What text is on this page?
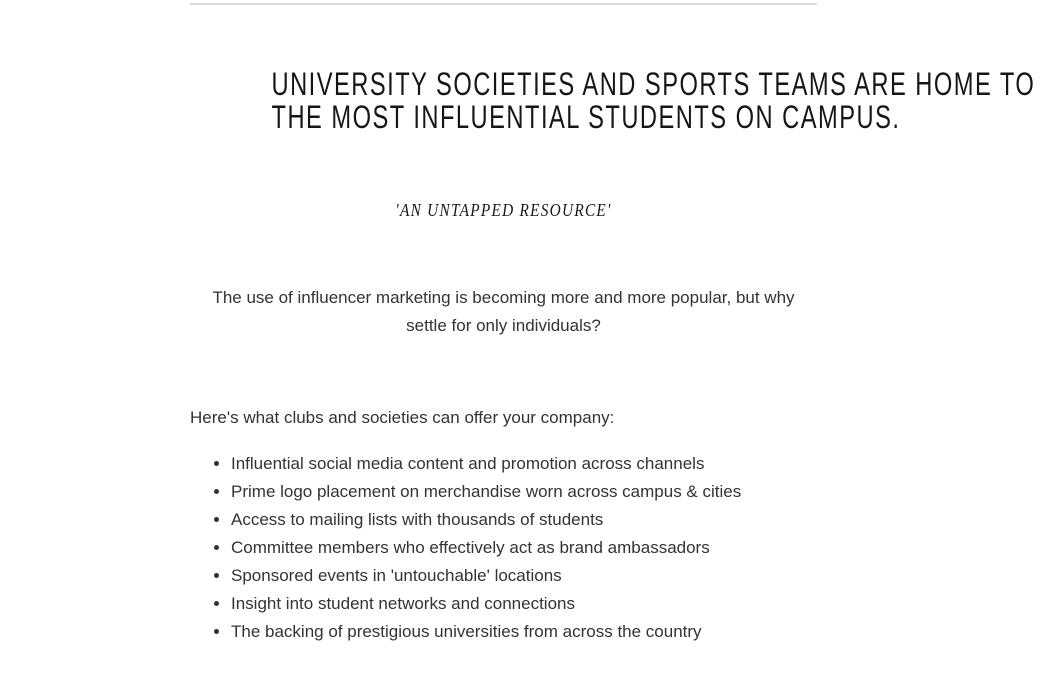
UNIVERSITY SOCIETIES AND SPORTS TEAMS ARE HOME TO
THE MOST INFLUENTIAL STUDENTS ON CAMPUS.
'AN UNTAPPED RESOURCE'

The use of influencer marketing is becoming more and more popular, but why
settle for only individuals?

Here's what clubs and societies can offer your company:

• Influential social media content and promotion across channels
• Prime logo placement on merchandise worn across campus & cities
• Access to mailing lists with thousands of students
• Committee members who effectively act as brand ambassadors
• Sponsored events in 'untouchable' locations
• Insight into student networks and connections
• The backing of prestigious universities from across the country
